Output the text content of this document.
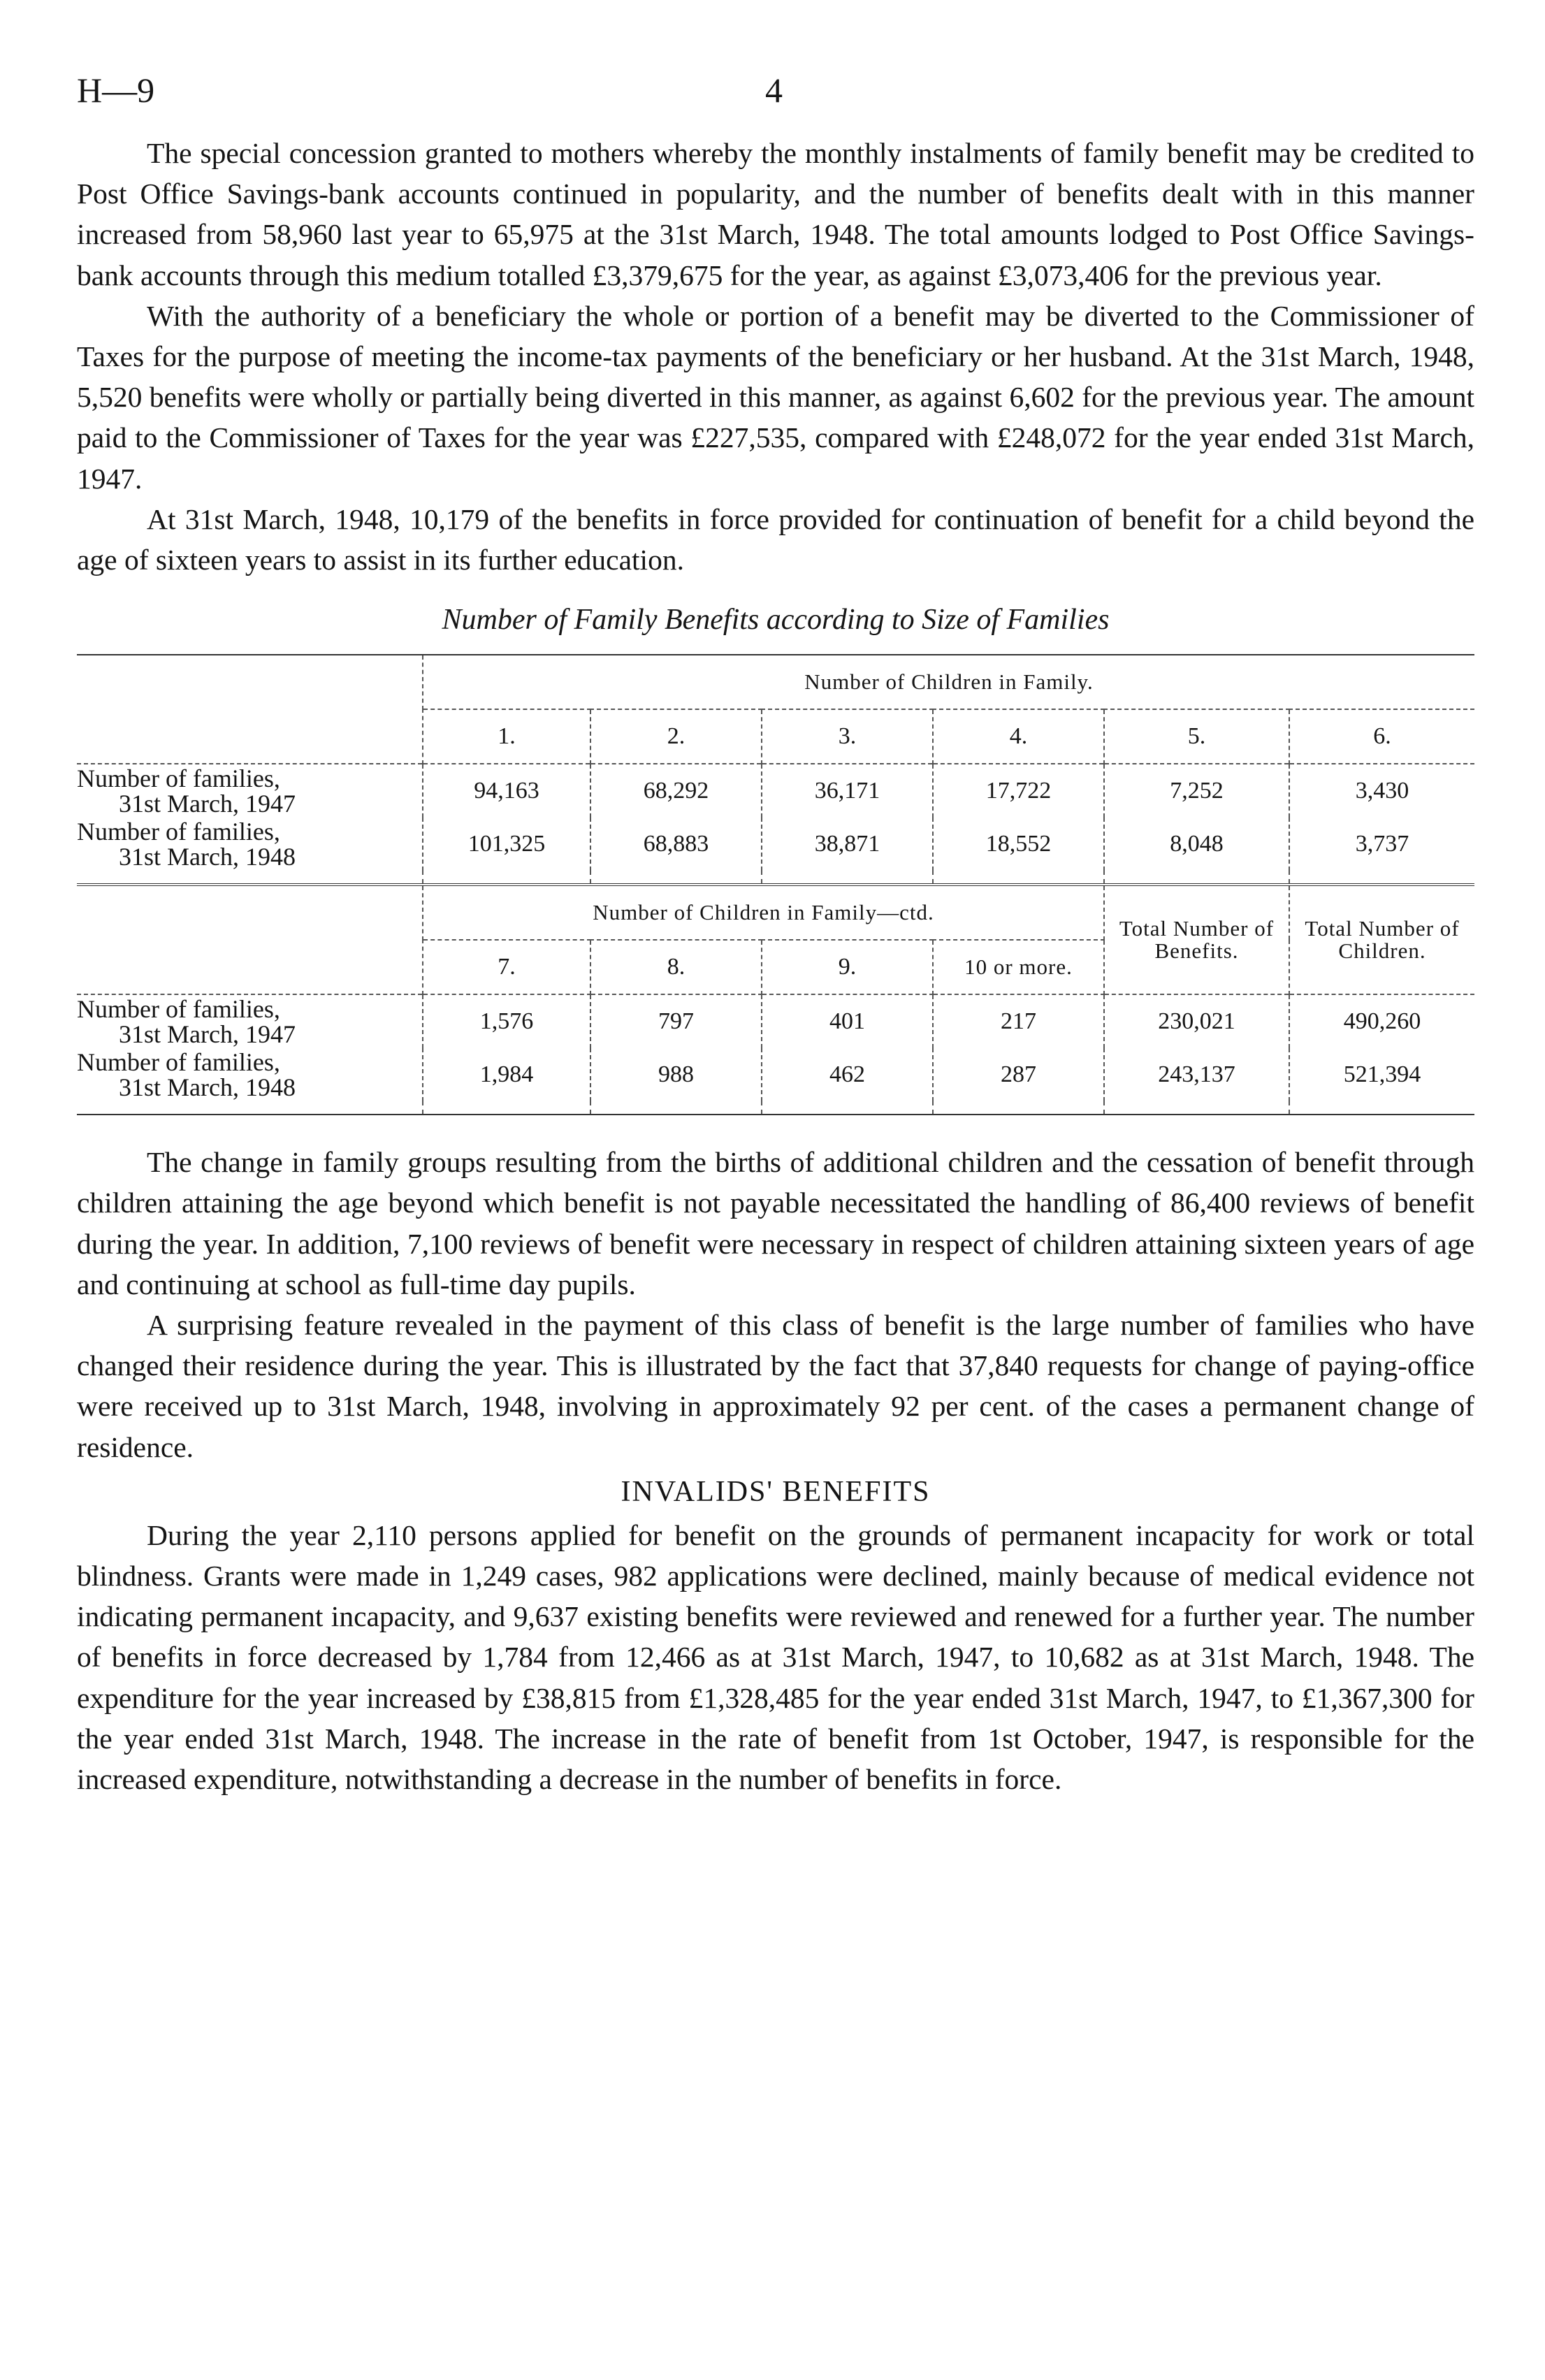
H—9	4

The special concession granted to mothers whereby the monthly instalments of family benefit may be credited to Post Office Savings-bank accounts continued in popularity, and the number of benefits dealt with in this manner increased from 58,960 last year to 65,975 at the 31st March, 1948. The total amounts lodged to Post Office Savings-bank accounts through this medium totalled £3,379,675 for the year, as against £3,073,406 for the previous year.

With the authority of a beneficiary the whole or portion of a benefit may be diverted to the Commissioner of Taxes for the purpose of meeting the income-tax payments of the beneficiary or her husband. At the 31st March, 1948, 5,520 benefits were wholly or partially being diverted in this manner, as against 6,602 for the previous year. The amount paid to the Commissioner of Taxes for the year was £227,535, compared with £248,072 for the year ended 31st March, 1947.

At 31st March, 1948, 10,179 of the benefits in force provided for continuation of benefit for a child beyond the age of sixteen years to assist in its further education.

Number of Family Benefits according to Size of Families
	Number of Children in Family.					
	1.	2.	3.	4.	5.	6.

Number of families,
31st March, 1947	94,163	68,292	36,171	17,722	7,252	3,430

Number of families,
31st March, 1948	101,325	68,883	38,871	18,552	8,048	3,737

	Number of Children in Family—ctd.				Total Number of Benefits.	Total Number of Children.
	7.	8.	9.	10 or more.		

Number of families,
31st March, 1947	1,576	797	401	217	230,021	490,260

Number of families,
31st March, 1948	1,984	988	462	287	243,137	521,394

The change in family groups resulting from the births of additional children and the cessation of benefit through children attaining the age beyond which benefit is not payable necessitated the handling of 86,400 reviews of benefit during the year. In addition, 7,100 reviews of benefit were necessary in respect of children attaining sixteen years of age and continuing at school as full-time day pupils.

A surprising feature revealed in the payment of this class of benefit is the large number of families who have changed their residence during the year. This is illustrated by the fact that 37,840 requests for change of paying-office were received up to 31st March, 1948, involving in approximately 92 per cent. of the cases a permanent change of residence.

INVALIDS' BENEFITS

During the year 2,110 persons applied for benefit on the grounds of permanent incapacity for work or total blindness. Grants were made in 1,249 cases, 982 applications were declined, mainly because of medical evidence not indicating permanent incapacity, and 9,637 existing benefits were reviewed and renewed for a further year. The number of benefits in force decreased by 1,784 from 12,466 as at 31st March, 1947, to 10,682 as at 31st March, 1948. The expenditure for the year increased by £38,815 from £1,328,485 for the year ended 31st March, 1947, to £1,367,300 for the year ended 31st March, 1948. The increase in the rate of benefit from 1st October, 1947, is responsible for the increased expenditure, notwithstanding a decrease in the number of benefits in force.
